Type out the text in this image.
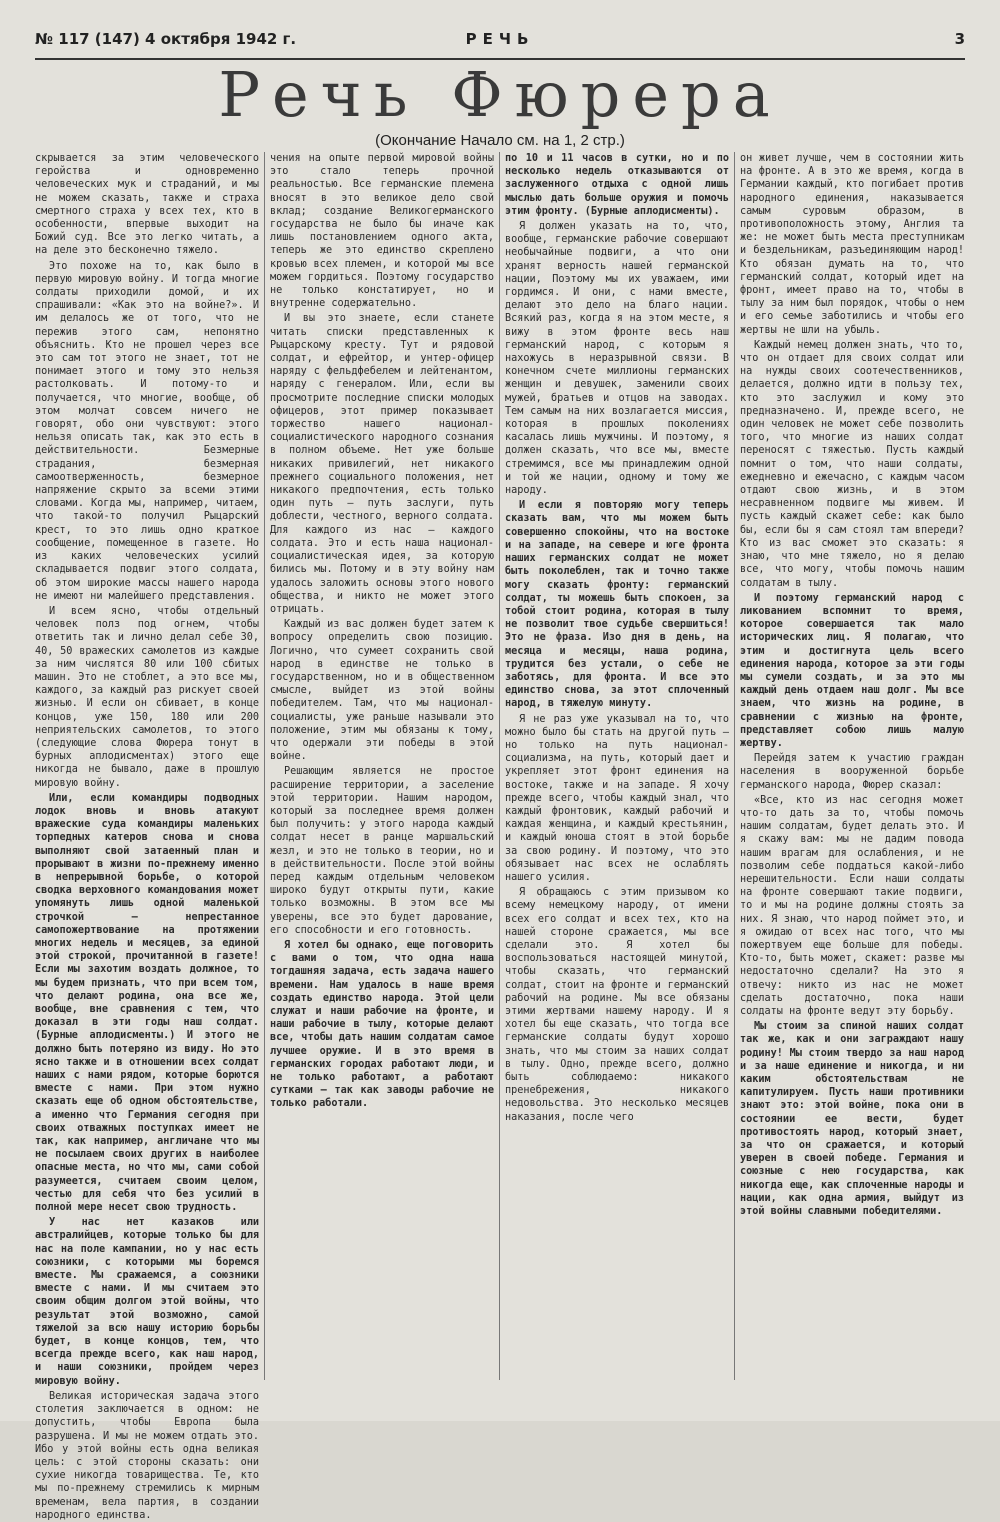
№ 117 (147) 4 октября 1942 г.	РЕЧЬ	3
Речь Фюрера
(Окончание Начало см. на 1, 2 стр.)

скрывается за этим человеческого геройства и одновременно человеческих мук и страданий, и мы не можем сказать, также и страха смертного страха у всех тех, кто в особенности, впервые выходит на Божий суд. Все это легко читать, а на деле это бесконечно тяжело.

Это похоже на то, как было в первую мировую войну. И тогда многие солдаты приходили домой, и их спрашивали: «Как это на войне?». И им делалось же от того, что не пережив этого сам, непонятно объяснить. Кто не прошел через все это сам тот этого не знает, тот не понимает этого и тому это нельзя растолковать. И потому-то и получается, что многие, вообще, об этом молчат совсем ничего не говорят, обо они чувствуют: этого нельзя описать так, как это есть в действительности. Безмерные страдания, безмерная самоотверженность, безмерное напряжение скрыто за всеми этими словами. Когда мы, например, читаем, что такой-то получил Рыцарский крест, то это лишь одно краткое сообщение, помещенное в газете. Но из каких человеческих усилий складывается подвиг этого солдата, об этом широкие массы нашего народа не имеют ни малейшего представления.

И всем ясно, чтобы отдельный человек полз под огнем, чтобы ответить так и лично делал себе 30, 40, 50 вражеских самолетов из каждые за ним числятся 80 или 100 сбитых машин. Это не стоблет, а это все мы, каждого, за каждый раз рискует своей жизнью. И если он сбивает, в конце концов, уже 150, 180 или 200 неприятельских самолетов, то этого (следующие слова Фюрера тонут в бурных аплодисментах) этого еще никогда не бывало, даже в прошлую мировую войну.

Или, если командиры подводных лодок вновь и вновь атакуют вражеские суда командиры маленьких торпедных катеров снова и снова выполняют свой затаенный план и прорывают в жизни по-прежнему именно в непрерывной борьбе, о которой сводка верховного командования может упомянуть лишь одной маленькой строчкой — непрестанное самопожертвование на протяжении многих недель и месяцев, за единой этой строкой, прочитанной в газете! Если мы захотим воздать должное, то мы будем признать, что при всем том, что делают родина, она все же, вообще, вне сравнения с тем, что доказал в эти годы наш солдат. (Бурные аплодисменты.) И этого не должно быть потеряно из виду. Но это ясно также и в отношении всех солдат наших с нами рядом, которые борются вместе с нами. При этом нужно сказать еще об одном обстоятельстве, а именно что Германия сегодня при своих отважных поступках имеет не так, как например, англичане что мы не посылаем своих других в наиболее опасные места, но что мы, сами собой разумеется, считаем своим целом, честью для себя что без усилий в полной мере несет свою трудность.

У нас нет казаков или австралийцев, которые только бы для нас на поле кампании, но у нас есть союзники, с которыми мы боремся вместе. Мы сражаемся, а союзники вместе с нами. И мы считаем это своим общим долгом этой войны, что результат этой возможно, самой тяжелой за всю нашу историю борьбы будет, в конце концов, тем, что всегда прежде всего, как наш народ, и наши союзники, пройдем через мировую войну.

Великая историческая задача этого столетия заключается в одном: не допустить, чтобы Европа была разрушена. И мы не можем отдать это. Ибо у этой войны есть одна великая цель: с этой стороны сказать: они сухие никогда товарищества. Те, кто мы по-прежнему стремились к мирным временам, вела партия, в создании народного единства.

чения на опыте первой мировой войны это стало теперь прочной реальностью. Все германские племена вносят в это великое дело свой вклад; создание Великогерманского государства не было бы иначе как лишь постановлением одного акта, теперь же это единство скреплено кровью всех племен, и которой мы все можем гордиться. Поэтому государство не только констатирует, но и внутренне содержательно.

И вы это знаете, если станете читать списки представленных к Рыцарскому кресту. Тут и рядовой солдат, и ефрейтор, и унтер-офицер наряду с фельдфебелем и лейтенантом, наряду с генералом. Или, если вы просмотрите последние списки молодых офицеров, этот пример показывает торжество нашего национал-социалистического народного сознания в полном объеме. Нет уже больше никаких привилегий, нет никакого прежнего социального положения, нет никакого предпочтения, есть только один путь — путь заслуги, путь доблести, честного, верного солдата. Для каждого из нас — каждого солдата. Это и есть наша национал-социалистическая идея, за которую бились мы. Потому и в эту войну нам удалось заложить основы этого нового общества, и никто не может этого отрицать.

Каждый из вас должен будет затем к вопросу определить свою позицию. Логично, что сумеет сохранить свой народ в единстве не только в государственном, но и в общественном смысле, выйдет из этой войны победителем. Там, что мы национал-социалисты, уже раньше называли это положение, этим мы обязаны к тому, что одержали эти победы в этой войне.

Решающим является не простое расширение территории, а заселение этой территории. Нашим народом, который за последнее время должен был получить: у этого народа каждый солдат несет в ранце маршальский жезл, и это не только в теории, но и в действительности. После этой войны перед каждым отдельным человеком широко будут открыты пути, какие только возможны. В этом все мы уверены, все это будет дарование, его способности и его готовность.

Я хотел бы однако, еще поговорить с вами о том, что одна наша тогдашняя задача, есть задача нашего времени. Нам удалось в наше время создать единство народа. Этой цели служат и наши рабочие на фронте, и наши рабочие в тылу, которые делают все, чтобы дать нашим солдатам самое лучшее оружие. И в это время в германских городах работают люди, и не только работают, а работают сутками — так как заводы рабочие не только работали.

по 10 и 11 часов в сутки, но и по несколько недель отказываются от заслуженного отдыха с одной лишь мыслью дать больше оружия и помочь этим фронту. (Бурные аплодисменты).

Я должен указать на то, что, вообще, германские рабочие совершают необычайные подвиги, а что они хранят верность нашей германской нации, Поэтому мы их уважаем, ими гордимся. И они, с нами вместе, делают это дело на благо нации. Всякий раз, когда я на этом месте, я вижу в этом фронте весь наш германский народ, с которым я нахожусь в неразрывной связи. В конечном счете миллионы германских женщин и девушек, заменили своих мужей, братьев и отцов на заводах. Тем самым на них возлагается миссия, которая в прошлых поколениях касалась лишь мужчины. И поэтому, я должен сказать, что все мы, вместе стремимся, все мы принадлежим одной и той же нации, одному и тому же народу.

И если я повторяю могу теперь сказать вам, что мы можем быть совершенно спокойны, что на востоке и на западе, на севере и юге фронта наших германских солдат не может быть поколеблен, так и точно также могу сказать фронту: германский солдат, ты можешь быть спокоен, за тобой стоит родина, которая в тылу не позволит твое судьбе свершиться! Это не фраза. Изо дня в день, на месяца и месяцы, наша родина, трудится без устали, о себе не заботясь, для фронта. И все это единство снова, за этот сплоченный народ, в тяжелую минуту.

Я не раз уже указывал на то, что можно было бы стать на другой путь — но только на путь национал-социализма, на путь, который дает и укрепляет этот фронт единения на востоке, также и на западе. Я хочу прежде всего, чтобы каждый знал, что каждый фронтовик, каждый рабочий и каждая женщина, и каждый крестьянин, и каждый юноша стоят в этой борьбе за свою родину. И поэтому, что это обязывает нас всех не ослаблять нашего усилия.

Я обращаюсь с этим призывом ко всему немецкому народу, от имени всех его солдат и всех тех, кто на нашей стороне сражается, мы все сделали это. Я хотел бы воспользоваться настоящей минутой, чтобы сказать, что германский солдат, стоит на фронте и германский рабочий на родине. Мы все обязаны этими жертвами нашему народу. И я хотел бы еще сказать, что тогда все германские солдаты будут хорошо знать, что мы стоим за наших солдат в тылу. Одно, прежде всего, должно быть соблюдаемо: никакого пренебрежения, никакого недовольства. Это несколько месяцев наказания, после чего

он живет лучше, чем в состоянии жить на фронте. А в это же время, когда в Германии каждый, кто погибает против народного единения, наказывается самым суровым образом, в противоположность этому, Англия та же: не может быть места преступникам и бездельникам, разъединяющим народ! Кто обязан думать на то, что германский солдат, который идет на фронт, имеет право на то, чтобы в тылу за ним был порядок, чтобы о нем и его семье заботились и чтобы его жертвы не шли на убыль.

Каждый немец должен знать, что то, что он отдает для своих солдат или на нужды своих соотечественников, делается, должно идти в пользу тех, кто это заслужил и кому это предназначено. И, прежде всего, не один человек не может себе позволить того, что многие из наших солдат переносят с тяжестью. Пусть каждый помнит о том, что наши солдаты, ежедневно и ежечасно, с каждым часом отдают свою жизнь, и в этом несравненном подвиге мы живем. И пусть каждый скажет себе: как было бы, если бы я сам стоял там впереди? Кто из вас сможет это сказать: я знаю, что мне тяжело, но я делаю все, что могу, чтобы помочь нашим солдатам в тылу.

И поэтому германский народ с ликованием вспомнит то время, которое совершается так мало исторических лиц. Я полагаю, что этим и достигнута цель всего единения народа, которое за эти годы мы сумели создать, и за это мы каждый день отдаем наш долг. Мы все знаем, что жизнь на родине, в сравнении с жизнью на фронте, представляет собою лишь малую жертву.

Перейдя затем к участию граждан населения в вооруженной борьбе германского народа, Фюрер сказал:

«Все, кто из нас сегодня может что-то дать за то, чтобы помочь нашим солдатам, будет делать это. И я скажу вам: мы не дадим повода нашим врагам для ослабления, и не позволим себе поддаться какой-либо нерешительности. Если наши солдаты на фронте совершают такие подвиги, то и мы на родине должны стоять за них. Я знаю, что народ поймет это, и я ожидаю от всех нас того, что мы пожертвуем еще больше для победы. Кто-то, быть может, скажет: разве мы недостаточно сделали? На это я отвечу: никто из нас не может сделать достаточно, пока наши солдаты на фронте ведут эту борьбу.

Мы стоим за спиной наших солдат так же, как и они заграждают нашу родину! Мы стоим твердо за наш народ и за наше единение и никогда, и ни каким обстоятельствам не капитулируем. Пусть наши противники знают это: этой войне, пока они в состоянии ее вести, будет противостоять народ, который знает, за что он сражается, и который уверен в своей победе. Германия и союзные с нею государства, как никогда еще, как сплоченные народы и нации, как одна армия, выйдут из этой войны славными победителями.
